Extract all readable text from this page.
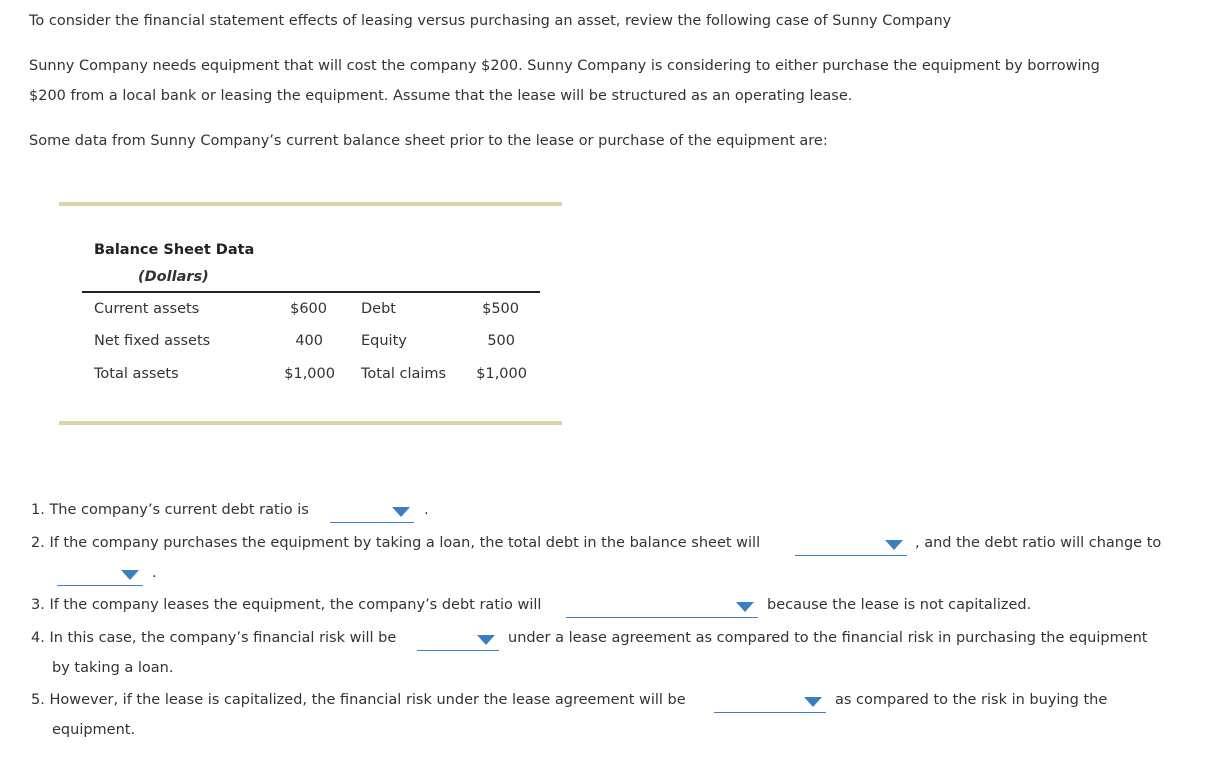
To consider the financial statement effects of leasing versus purchasing an asset, review the following case of Sunny Company
Sunny Company needs equipment that will cost the company $200. Sunny Company is considering to either purchase the equipment by borrowing
$200 from a local bank or leasing the equipment. Assume that the lease will be structured as an operating lease.
Some data from Sunny Company’s current balance sheet prior to the lease or purchase of the equipment are:
Balance Sheet Data
(Dollars)
Current assets	$600 Debt	$500
Net fixed assets	400	Equity	500
Total assets	$1,000 Total claims	$1,000
1. The company’s current debt ratio is	.
2. If the company purchases the equipment by taking a loan, the total debt in the balance sheet will	, and the debt ratio will change to
.
3. If the company leases the equipment, the company’s debt ratio will	because the lease is not capitalized.
4. In this case, the company’s financial risk will be	under a lease agreement as compared to the financial risk in purchasing the equipment
by taking a loan.
5. However, if the lease is capitalized, the financial risk under the lease agreement will be	as compared to the risk in buying the
equipment.
